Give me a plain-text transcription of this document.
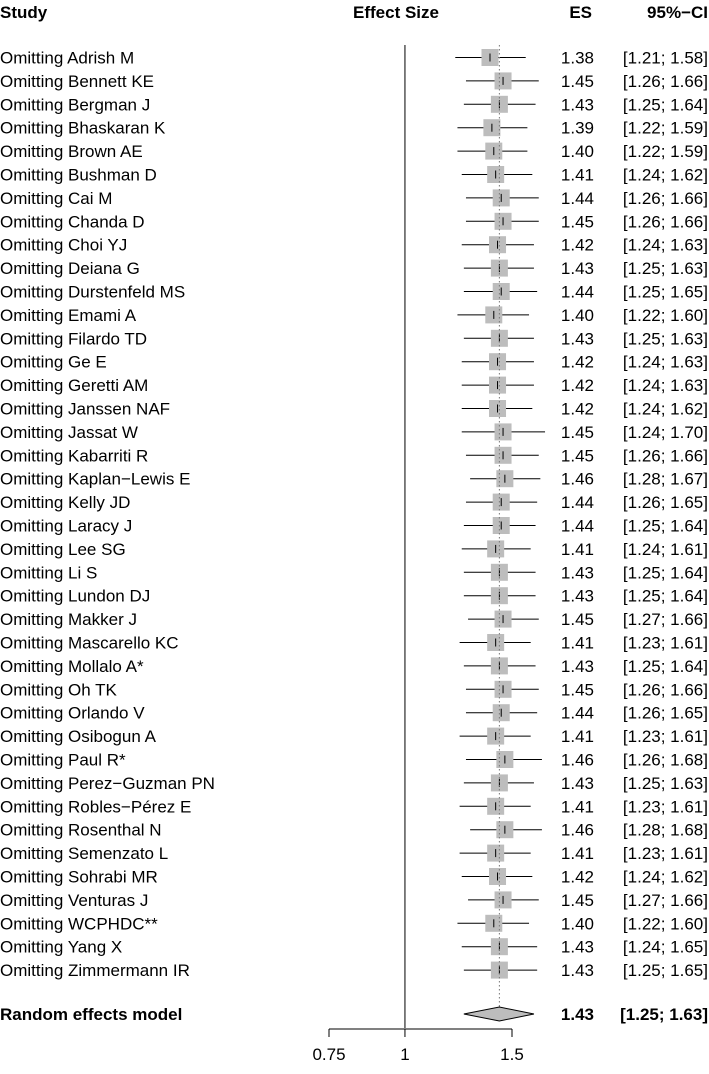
Study	Effect Size	ES	95%−CI
Omitting Adrish M	1.38 [1.21; 1.58]
Omitting Bennett KE	1.45 [1.26; 1.66]
Omitting Bergman J	1.43 [1.25; 1.64]
Omitting Bhaskaran K	1.39 [1.22; 1.59]
Omitting Brown AE	1.40 [1.22; 1.59]
Omitting Bushman D	1.41 [1.24; 1.62]
Omitting Cai M	1.44 [1.26; 1.66]
Omitting Chanda D	1.45 [1.26; 1.66]
Omitting Choi YJ	1.42 [1.24; 1.63]
Omitting Deiana G	1.43 [1.25; 1.63]
Omitting Durstenfeld MS	1.44 [1.25; 1.65]
Omitting Emami A	1.40 [1.22; 1.60]
Omitting Filardo TD	1.43 [1.25; 1.63]
Omitting Ge E	1.42 [1.24; 1.63]
Omitting Geretti AM	1.42 [1.24; 1.63]
Omitting Janssen NAF	1.42 [1.24; 1.62]
Omitting Jassat W	1.45 [1.24; 1.70]
Omitting Kabarriti R	1.45 [1.26; 1.66]
Omitting Kaplan−Lewis E	1.46 [1.28; 1.67]
Omitting Kelly JD	1.44 [1.26; 1.65]
Omitting Laracy J	1.44 [1.25; 1.64]
Omitting Lee SG	1.41 [1.24; 1.61]
Omitting Li S	1.43 [1.25; 1.64]
Omitting Lundon DJ	1.43 [1.25; 1.64]
Omitting Makker J	1.45 [1.27; 1.66]
Omitting Mascarello KC	1.41 [1.23; 1.61]
Omitting Mollalo A*	1.43 [1.25; 1.64]
Omitting Oh TK	1.45 [1.26; 1.66]
Omitting Orlando V	1.44 [1.26; 1.65]
Omitting Osibogun A	1.41 [1.23; 1.61]
Omitting Paul R*	1.46 [1.26; 1.68]
Omitting Perez−Guzman PN	1.43 [1.25; 1.63]
Omitting Robles−Pérez E	1.41 [1.23; 1.61]
Omitting Rosenthal N	1.46 [1.28; 1.68]
Omitting Semenzato L	1.41 [1.23; 1.61]
Omitting Sohrabi MR	1.42 [1.24; 1.62]
Omitting Venturas J	1.45 [1.27; 1.66]
Omitting WCPHDC**	1.40 [1.22; 1.60]
Omitting Yang X	1.43 [1.24; 1.65]
Omitting Zimmermann IR	1.43 [1.25; 1.65]
Random effects model	1.43 [1.25; 1.63]
0.75	1	1.5
